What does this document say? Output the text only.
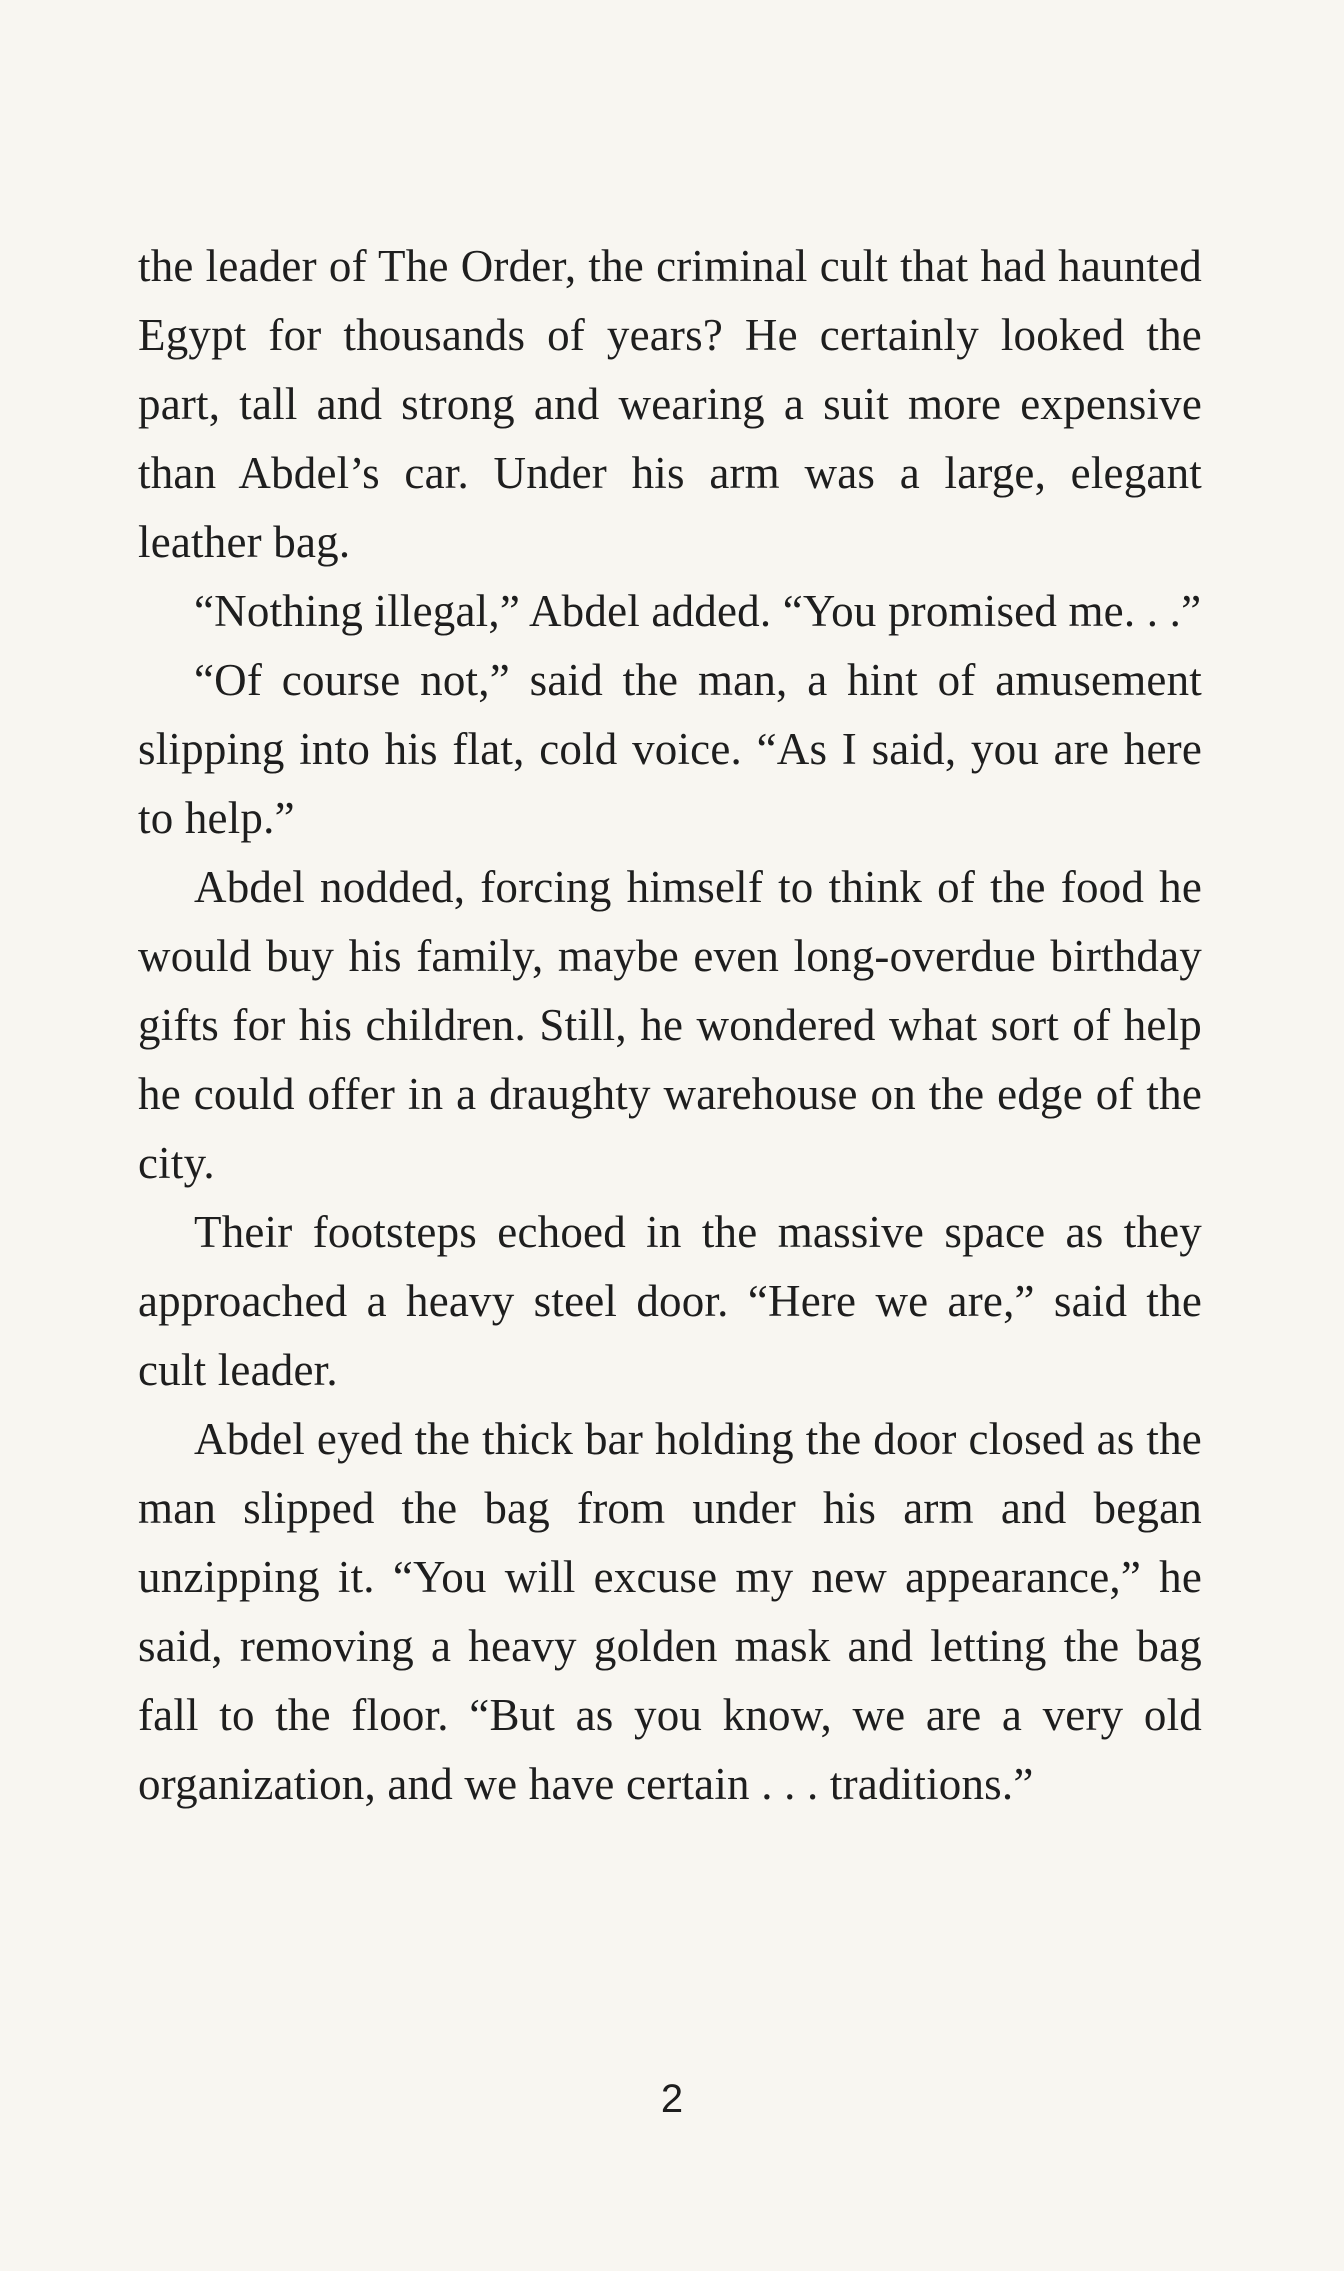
the leader of The Order, the criminal cult that had haunted Egypt for thousands of years? He certainly looked the part, tall and strong and wearing a suit more expensive than Abdel’s car. Under his arm was a large, elegant leather bag.

“Nothing illegal,” Abdel added. “You promised me. . .”

“Of course not,” said the man, a hint of amusement slipping into his flat, cold voice. “As I said, you are here to help.”

Abdel nodded, forcing himself to think of the food he would buy his family, maybe even long-overdue birthday gifts for his children. Still, he wondered what sort of help he could offer in a draughty warehouse on the edge of the city.

Their footsteps echoed in the massive space as they approached a heavy steel door. “Here we are,” said the cult leader.

Abdel eyed the thick bar holding the door closed as the man slipped the bag from under his arm and began unzipping it. “You will excuse my new appearance,” he said, removing a heavy golden mask and letting the bag fall to the floor. “But as you know, we are a very old organization, and we have certain . . . traditions.”

2
